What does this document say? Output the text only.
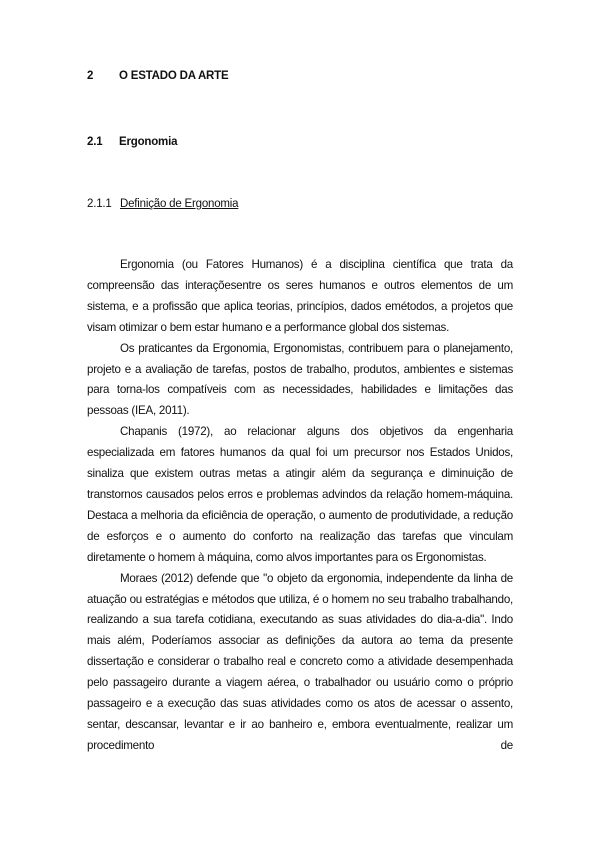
2 O ESTADO DA ARTE
2.1 Ergonomia
2.1.1 Definição de Ergonomia

Ergonomia (ou Fatores Humanos) é a disciplina científica que trata da compreensão das interaçõesentre os seres humanos e outros elementos de um sistema, e a profissão que aplica teorias, princípios, dados emétodos, a projetos que visam otimizar o bem estar humano e a performance global dos sistemas.

Os praticantes da Ergonomia, Ergonomistas, contribuem para o planejamento, projeto e a avaliação de tarefas, postos de trabalho, produtos, ambientes e sistemas para torna-los compatíveis com as necessidades, habilidades e limitações das pessoas (IEA, 2011).

Chapanis (1972), ao relacionar alguns dos objetivos da engenharia especializada em fatores humanos da qual foi um precursor nos Estados Unidos, sinaliza que existem outras metas a atingir além da segurança e diminuição de transtornos causados pelos erros e problemas advindos da relação homem-máquina. Destaca a melhoria da eficiência de operação, o aumento de produtividade, a redução de esforços e o aumento do conforto na realização das tarefas que vinculam diretamente o homem à máquina, como alvos importantes para os Ergonomistas.

Moraes (2012) defende que "o objeto da ergonomia, independente da linha de atuação ou estratégias e métodos que utiliza, é o homem no seu trabalho trabalhando, realizando a sua tarefa cotidiana, executando as suas atividades do dia-a-dia". Indo mais além, Poderíamos associar as definições da autora ao tema da presente dissertação e considerar o trabalho real e concreto como a atividade desempenhada pelo passageiro durante a viagem aérea, o trabalhador ou usuário como o próprio passageiro e a execução das suas atividades como os atos de acessar o assento, sentar, descansar, levantar e ir ao banheiro e, embora eventualmente, realizar um procedimento de
